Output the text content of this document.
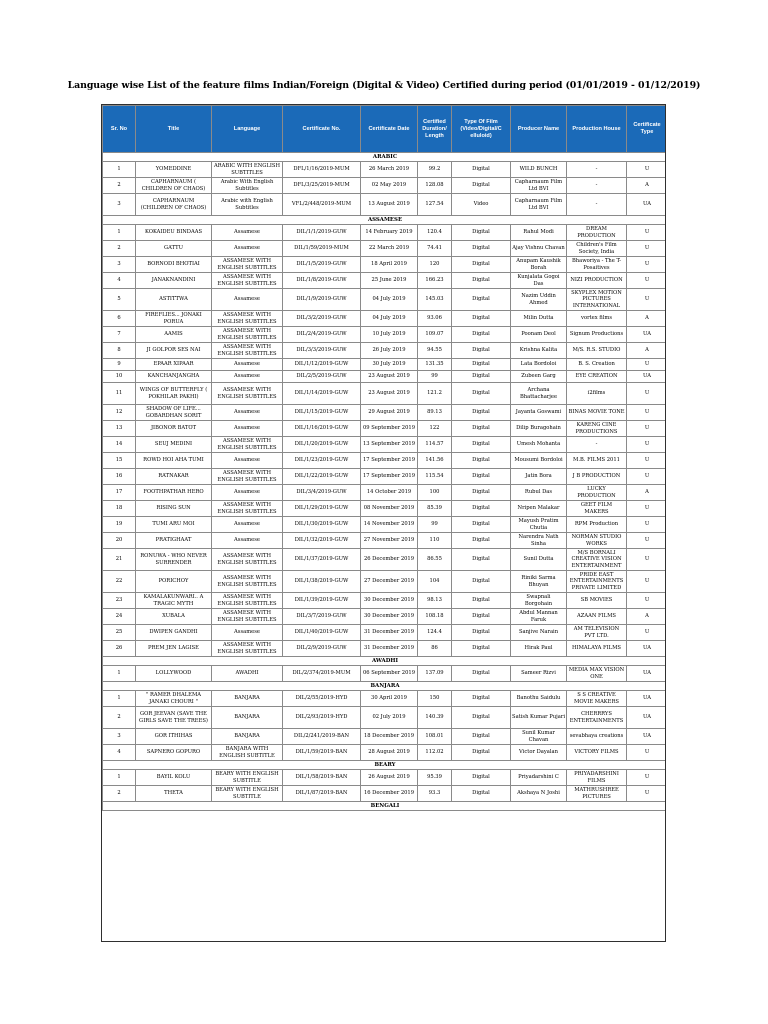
Language wise List of the feature films Indian/Foreign (Digital & Video) Certified during period (01/01/2019 - 01/12/2019)
Sr. No	Title	Language	Certificate No.	Certificate Date	Certified Duration/ Length	Type Of Film (Video/Digital/C elluloid)	Producer Name	Production House	Certificate Type
ARABIC									
1	YOMEDDINE	ARABIC WITH ENGLISH SUBTITLES	DFL/1/16/2019-MUM	26 March 2019	99.2	Digital	WILD BUNCH	-	U
2	CAPHARNAUM ( CHILDREN OF CHAOS)	Arabic With English Subtitles	DFL/3/25/2019-MUM	02 May 2019	128.08	Digital	Capharnaum Film Ltd BVI	-	A
3	CAPHARNAUM (CHILDREN OF CHAOS)	Arabic with English Subtitles	VFL/2/448/2019-MUM	13 August 2019	127.54	Video	Capharnaum Film Ltd BVI	-	UA
ASSAMESE									
1	KOKAIDEU BINDAAS	Assamese	DIL/1/1/2019-GUW	14 February 2019	120.4	Digital	Rahul Modi	DREAM PRODUCTION	U
2	GATTU	Assamese	DIL/1/59/2019-MUM	22 March 2019	74.41	Digital	Ajay Vishnu Chavan	Children's Film Society, India	U
3	BORNODI BHOTIAI	ASSAMESE WITH ENGLISH SUBTITLES	DIL/1/5/2019-GUW	18 April 2019	120	Digital	Anupam Kaushik Borah	Bhaworiya - The T-Posaitives	U
4	JANAKNANDINI	ASSAMESE WITH ENGLISH SUBTITLES	DIL/1/8/2019-GUW	25 June 2019	166.23	Digital	Kunjalata Gogoi Das	NIZI PRODUCTION	U
5	ASTITTWA	Assamese	DIL/1/9/2019-GUW	04 July 2019	145.03	Digital	Nazim Uddin Ahmed	SKYPLEX MOTION PICTURES INTERNATIONAL	U
6	FIREFLIES... JONAKI PORUA	ASSAMESE WITH ENGLISH SUBTITLES	DIL/3/2/2019-GUW	04 July 2019	93.06	Digital	Milin Dutta	vortex films	A
7	AAMIS	ASSAMESE WITH ENGLISH SUBTITLES	DIL/2/4/2019-GUW	10 July 2019	109.07	Digital	Poonam Deol	Signum Productions	UA
8	JI GOLPOR SES NAI	ASSAMESE WITH ENGLISH SUBTITLES	DIL/3/3/2019-GUW	26 July 2019	94.55	Digital	Krishna Kalita	M/S. R.S. STUDIO	A
9	EPAAR XIPAAR	Assamese	DIL/1/12/2019-GUW	30 July 2019	131.35	Digital	Lata Bordoloi	B. S. Creation	U
10	KANCHANJANGHA	Assamese	DIL/2/5/2019-GUW	23 August 2019	99	Digital	Zubeen Garg	EYE CREATION	UA
11	WINGS OF BUTTERFLY ( POKHILAR PAKHI)	ASSAMESE WITH ENGLISH SUBTITLES	DIL/1/14/2019-GUW	23 August 2019	121.2	Digital	Archana Bhattacharjee	i2films	U
12	SHADOW OF LIFE... GOBARDHAN SORIT	Assamese	DIL/1/15/2019-GUW	29 August 2019	89.13	Digital	Jayanta Goswami	BINAS MOVIE TONE	U
13	JIBONOR BATOT	Assamese	DIL/1/16/2019-GUW	09 September 2019	122	Digital	Dilip Buragohain	KARENG CINE PRODUCTIONS	U
14	SEUJ MEDINI	ASSAMESE WITH ENGLISH SUBTITLES	DIL/1/20/2019-GUW	13 September 2019	114.57	Digital	Umesh Mohanta	-	U
15	ROWD HOI AHA TUMI	Assamese	DIL/1/23/2019-GUW	17 September 2019	141.56	Digital	Mousumi Bordoloi	M.B. FILMS 2011	U
16	RATNAKAR	ASSAMESE WITH ENGLISH SUBTITLES	DIL/1/22/2019-GUW	17 September 2019	115.54	Digital	Jatin Bora	J B PRODUCTION	U
17	FOOTHPATHAR HERO	Assamese	DIL/3/4/2019-GUW	14 October 2019	100	Digital	Rubul Das	LUCKY PRODUCTION	A
18	RISING SUN	ASSAMESE WITH ENGLISH SUBTITLES	DIL/1/29/2019-GUW	08 November 2019	85.39	Digital	Nripen Malakar	GEET FILM MAKERS	U
19	TUMI ARU MOI	Assamese	DIL/1/30/2019-GUW	14 November 2019	99	Digital	Mayush Pratim Chutia	RPM Production	U
20	PRATIGHAAT	Assamese	DIL/1/32/2019-GUW	27 November 2019	110	Digital	Narendra Nath Sinha	NORMAN STUDIO WORKS	U
21	RONUWA - WHO NEVER SURRENDER	ASSAMESE WITH ENGLISH SUBTITLES	DIL/1/37/2019-GUW	26 December 2019	86.55	Digital	Sunil Dutta	M/S BORNALI CREATIVE VISION ENTERTAINMENT	U
22	PORICHOY	ASSAMESE WITH ENGLISH SUBTITLES	DIL/1/38/2019-GUW	27 December 2019	104	Digital	Riniki Sarma Bhuyan	PRIDE EAST ENTERTAINMENTS PRIVATE LIMITED	U
23	KAMALAKUNWARI.. A TRAGIC MYTH	ASSAMESE WITH ENGLISH SUBTITLES	DIL/1/39/2019-GUW	30 December 2019	98.13	Digital	Swapnali Borgohain	SB MOVIES	U
24	XUBALA	ASSAMESE WITH ENGLISH SUBTITLES	DIL/3/7/2019-GUW	30 December 2019	108.18	Digital	Abdul Mannan Faruk	AZAAN FILMS	A
25	DWIPEN GANDHI	Assamese	DIL/1/40/2019-GUW	31 December 2019	124.4	Digital	Sanjive Narain	AM TELEVISION PVT LTD.	U
26	PREM JEN LAGISE	ASSAMESE WITH ENGLISH SUBTITLES	DIL/2/9/2019-GUW	31 December 2019	86	Digital	Hirak Paul	HIMALAYA FILMS	UA
AWADHI									
1	LOLLYWOOD	AWADHI	DIL/2/374/2019-MUM	06 September 2019	137.09	Digital	Sameer Rizvi	MEDIA MAX VISION ONE	UA
BANJARA									
1	" RAMER DHALEMA JANAKI CHOURI "	BANJARA	DIL/2/55/2019-HYD	30 April 2019	150	Digital	Banothu Saidulu	S S CREATIVE MOVIE MAKERS	UA
2	GOR JEEVAN (SAVE THE GIRLS SAVE THE TREES)	BANJARA	DIL/2/93/2019-HYD	02 July 2019	140.39	Digital	Satish Kumar Pujari	CHERRRYS ENTERTAINMENTS	UA
3	GOR ITHIHAS	BANJARA	DIL/2/241/2019-BAN	18 December 2019	108.01	Digital	Sunil Kumar Chavan	sevabhaya creations	UA
4	SAPNERO GOPURO	BANJARA WITH ENGLISH SUBTITLE	DIL/1/59/2019-BAN	28 August 2019	112.02	Digital	Victor Dayalan	VICTORY FILMS	U
BEARY									
1	BAYIL KOLU	BEARY WITH ENGLISH SUBTITLE	DIL/1/58/2019-BAN	26 August 2019	95.39	Digital	Priyadarshini C	PRIYADARSHINI FILMS	U
2	THETA	BEARY WITH ENGLISH SUBTITLE	DIL/1/87/2019-BAN	16 December 2019	93.3	Digital	Akshaya N Joshi	MATHRUSHREE PICTURES	U
BENGALI									
